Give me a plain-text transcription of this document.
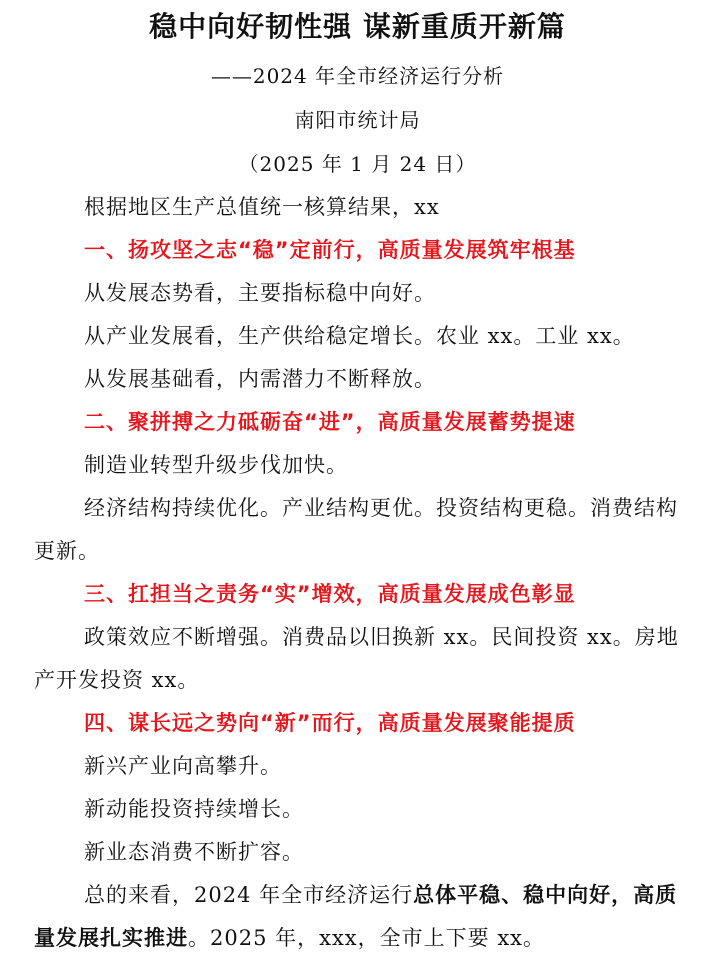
稳中向好韧性强 谋新重质开新篇

——2024 年全市经济运行分析

南阳市统计局

（2025 年 1 月 24 日）

根据地区生产总值统一核算结果，xx

一、扬攻坚之志“稳”定前行，高质量发展筑牢根基

从发展态势看，主要指标稳中向好。

从产业发展看，生产供给稳定增长。农业 xx。工业 xx。

从发展基础看，内需潜力不断释放。

二、聚拼搏之力砥砺奋“进”，高质量发展蓄势提速

制造业转型升级步伐加快。

经济结构持续优化。产业结构更优。投资结构更稳。消费结构更新。

三、扛担当之责务“实”增效，高质量发展成色彰显

政策效应不断增强。消费品以旧换新 xx。民间投资 xx。房地产开发投资 xx。

四、谋长远之势向“新”而行，高质量发展聚能提质

新兴产业向高攀升。

新动能投资持续增长。

新业态消费不断扩容。

总的来看，2024 年全市经济运行总体平稳、稳中向好，高质量发展扎实推进。2025 年，xxx，全市上下要 xx。
